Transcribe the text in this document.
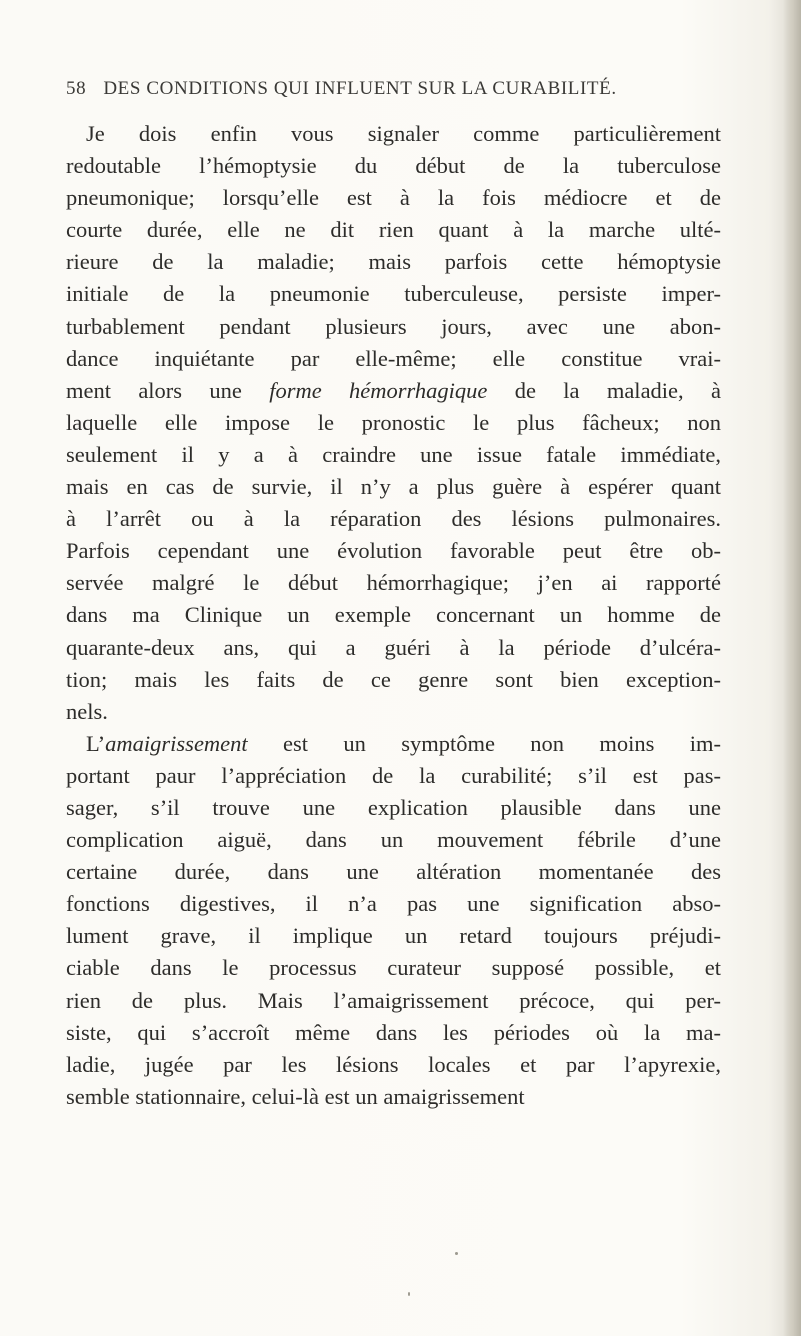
58 DES CONDITIONS QUI INFLUENT SUR LA CURABILITÉ.
Je dois enfin vous signaler comme particulièrement
redoutable l’hémoptysie du début de la tuberculose
pneumonique; lorsqu’elle est à la fois médiocre et de
courte durée, elle ne dit rien quant à la marche ulté-
rieure de la maladie; mais parfois cette hémoptysie
initiale de la pneumonie tuberculeuse, persiste imper-
turbablement pendant plusieurs jours, avec une abon-
dance inquiétante par elle-même; elle constitue vrai-
ment alors une forme hémorrhagique de la maladie, à
laquelle elle impose le pronostic le plus fâcheux; non
seulement il y a à craindre une issue fatale immédiate,
mais en cas de survie, il n’y a plus guère à espérer quant
à l’arrêt ou à la réparation des lésions pulmonaires.
Parfois cependant une évolution favorable peut être ob-
servée malgré le début hémorrhagique; j’en ai rapporté
dans ma Clinique un exemple concernant un homme de
quarante-deux ans, qui a guéri à la période d’ulcéra-
tion; mais les faits de ce genre sont bien exception-
nels.
L’amaigrissement est un symptôme non moins im-
portant paur l’appréciation de la curabilité; s’il est pas-
sager, s’il trouve une explication plausible dans une
complication aiguë, dans un mouvement fébrile d’une
certaine durée, dans une altération momentanée des
fonctions digestives, il n’a pas une signification abso-
lument grave, il implique un retard toujours préjudi-
ciable dans le processus curateur supposé possible, et
rien de plus. Mais l’amaigrissement précoce, qui per-
siste, qui s’accroît même dans les périodes où la ma-
ladie, jugée par les lésions locales et par l’apyrexie,
semble stationnaire, celui-là est un amaigrissement
